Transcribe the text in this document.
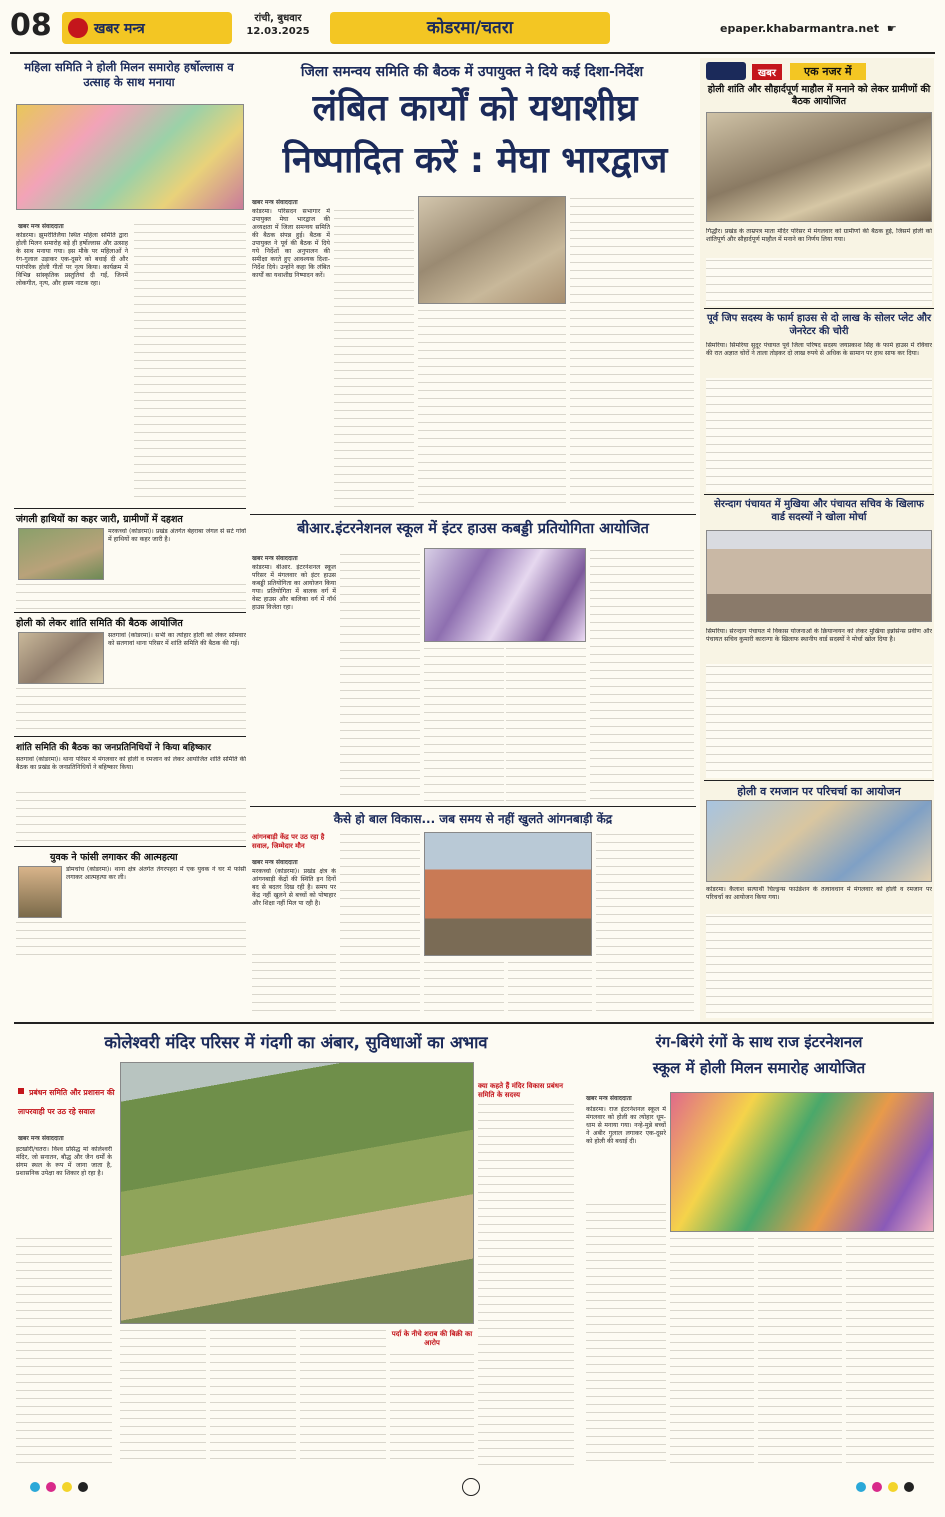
08	खबर मन्त्र
रांची, बुधवार
12.03.2025	कोडरमा/चतरा	epaper.khabarmantra.net ☛
महिला समिति ने होली मिलन समारोह हर्षोल्लास व उत्साह के साथ मनाया
खबर मन्त्र संवाददाता
कोडरमा। झुमरीतिलैया स्थित महिला समिति द्वारा होली मिलन समारोह बड़े ही हर्षोल्लास और उत्साह के साथ मनाया गया। इस मौके पर महिलाओं ने रंग-गुलाल उड़ाकर एक-दूसरे को बधाई दी और पारंपरिक होली गीतों पर नृत्य किया। कार्यक्रम में विभिन्न सांस्कृतिक प्रस्तुतियां दी गईं, जिनमें लोकगीत, नृत्य, और हास्य नाटक रहा।
जंगली हाथियों का कहर जारी, ग्रामीणों में दहशत
मरकच्चो (कोडरमा)। प्रखंड अंतर्गत बेहराबा जंगल से सटे गांवों में हाथियों का कहर जारी है।
होली को लेकर शांति समिति की बैठक आयोजित
सतगावां (कोडरमा)। सभी का त्योहार होली को लेकर सोमवार को सतगावां थाना परिसर में शांति समिति की बैठक की गई।
शांति समिति की बैठक का जनप्रतिनिधियों ने किया बहिष्कार
सतगावां (कोडरमा)। थाना परिसर में मंगलवार को होली व रमजान को लेकर आयोजित शांति समिति की बैठक का प्रखंड के जनप्रतिनिधियों ने बहिष्कार किया।
युवक ने फांसी लगाकर की आत्महत्या
डोमचांच (कोडरमा)। थाना क्षेत्र अंतर्गत तेंगरपहरा में एक युवक ने घर में फांसी लगाकर आत्महत्या कर ली।
जिला समन्वय समिति की बैठक में उपायुक्त ने दिये कई दिशा-निर्देश
लंबित कार्यों को यथाशीघ्र
निष्पादित करें : मेघा भारद्वाज
खबर मन्त्र संवाददाता
कोडरमा। परिसदन सभागार में उपायुक्त मेघा भारद्वाज की अध्यक्षता में जिला समन्वय समिति की बैठक संपन्न हुई। बैठक में उपायुक्त ने पूर्व की बैठक में दिये गये निर्देशों का अनुपालन की समीक्षा करते हुए आवश्यक दिशा-निर्देश दिये। उन्होंने कहा कि लंबित कार्यों का यथाशीघ्र निष्पादन करें।
बीआर.इंटरनेशनल स्कूल में इंटर हाउस कबड्डी प्रतियोगिता आयोजित
खबर मन्त्र संवाददाता
कोडरमा। बीआर. इंटरनेशनल स्कूल परिसर में मंगलवार को इंटर हाउस कबड्डी प्रतियोगिता का आयोजन किया गया। प्रतियोगिता में बालक वर्ग में वेस्ट हाउस और बालिका वर्ग में नॉर्थ हाउस विजेता रहा।
कैसे हो बाल विकास... जब समय से नहीं खुलते आंगनबाड़ी केंद्र
आंगनबाड़ी केंद्र पर उठ रहा है सवाल, जिम्मेदार मौन
खबर मन्त्र संवाददाता
मरकच्चो (कोडरमा)। प्रखंड क्षेत्र के आंगनबाड़ी केंद्रों की स्थिति इन दिनों बद से बदतर दिख रही है। समय पर केंद्र नहीं खुलने से बच्चों को पोषाहार और शिक्षा नहीं मिल पा रही है।
खबर	एक नजर में
होली शांति और सौहार्दपूर्ण माहौल में मनाने को लेकर ग्रामीणों की बैठक आयोजित
गिद्धौर। प्रखंड के ताम्रपत्र माता मंदिर परिसर में मंगलवार को ग्रामीणों की बैठक हुई, जिसमें होली को शांतिपूर्ण और सौहार्दपूर्ण माहौल में मनाने का निर्णय लिया गया।
पूर्व जिप सदस्य के फार्म हाउस से दो लाख के सोलर प्लेट और जेनरेटर की चोरी
सिमरिया। सिमरिया सुदूर पंचायत पूर्व जिला परिषद सदस्य जयप्रकाश सिंह के फार्म हाउस में रविवार की रात अज्ञात चोरों ने ताला तोड़कर दो लाख रुपये से अधिक के सामान पर हाथ साफ कर दिया।
सेरन्दाग पंचायत में मुखिया और पंचायत सचिव के खिलाफ वार्ड सदस्यों ने खोला मोर्चा
सिमरिया। सेरन्दाग पंचायत में विकास योजनाओं के क्रियान्वयन को लेकर मुखिया इन्नोसेन्स प्रवीण और पंचायत सचिव कुमारी कारान्गा के खिलाफ स्थानीय वार्ड सदस्यों ने मोर्चा खोल दिया है।
होली व रमजान पर परिचर्चा का आयोजन
कोडरमा। कैलाश सत्यार्थी चिल्ड्रन्स फाउंडेशन के तत्वावधान में मंगलवार को होली व रमजान पर परिचर्चा का आयोजन किया गया।
कोलेश्वरी मंदिर परिसर में गंदगी का अंबार, सुविधाओं का अभाव
प्रबंधन समिति और प्रशासन की लापरवाही पर उठ रहे सवाल
खबर मन्त्र संवाददाता
इटखोरी/चतरा। विश्व प्रसिद्ध मां कोलेश्वरी मंदिर, जो सनातन, बौद्ध और जैन धर्मों के संगम स्थल के रूप में जाना जाता है, प्रशासनिक उपेक्षा का शिकार हो रहा है।
पर्दा के नीचे शराब की बिक्री का आरोप
क्या कहते हैं मंदिर विकास प्रबंधन समिति के सदस्य
रंग-बिरंगे रंगों के साथ राज इंटरनेशनल
स्कूल में होली मिलन समारोह आयोजित
खबर मन्त्र संवाददाता
कोडरमा। राज इंटरनेशनल स्कूल में मंगलवार को होली का त्योहार धूम-धाम से मनाया गया। नन्हे-मुन्ने बच्चों ने अबीर गुलाल लगाकर एक-दूसरे को होली की बधाई दी।
